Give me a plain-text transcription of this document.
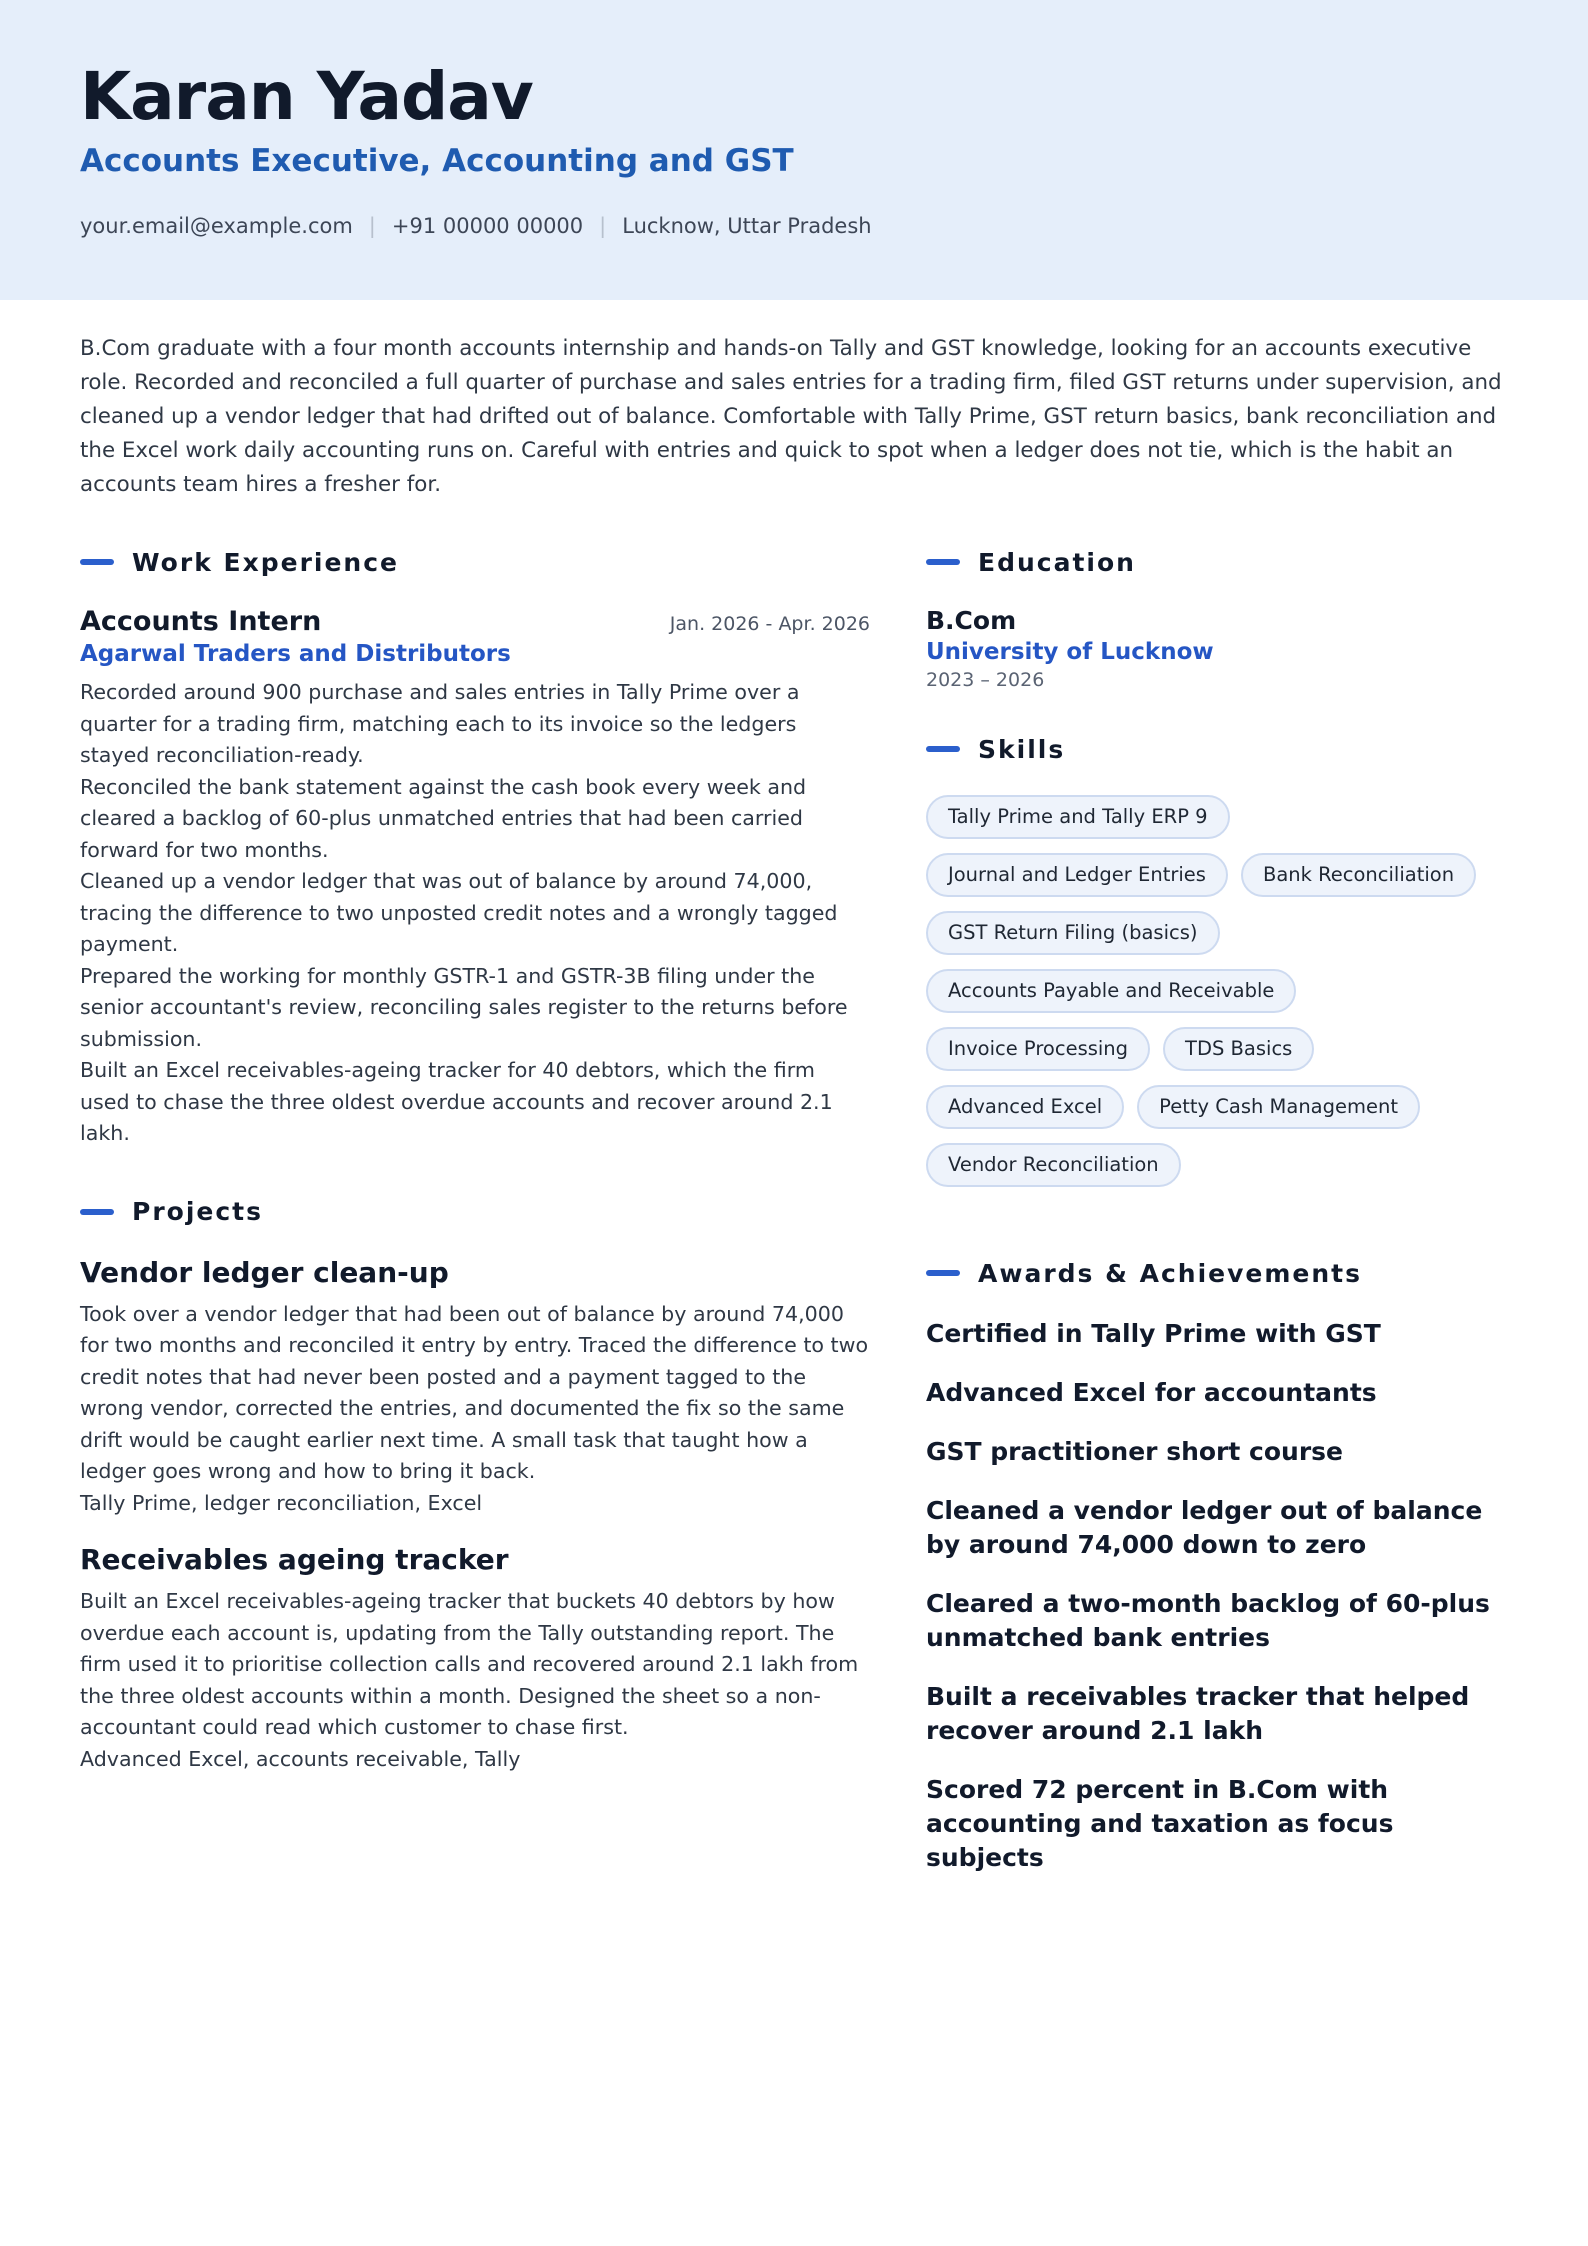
Karan Yadav
Accounts Executive, Accounting and GST
your.email@example.com | +91 00000 00000 | Lucknow, Uttar Pradesh
B.Com graduate with a four month accounts internship and hands-on Tally and GST knowledge, looking for an accounts executive role. Recorded and reconciled a full quarter of purchase and sales entries for a trading firm, filed GST returns under supervision, and cleaned up a vendor ledger that had drifted out of balance. Comfortable with Tally Prime, GST return basics, bank reconciliation and the Excel work daily accounting runs on. Careful with entries and quick to spot when a ledger does not tie, which is the habit an accounts team hires a fresher for.
Work Experience
Accounts Intern	Jan. 2026 - Apr. 2026
Agarwal Traders and Distributors
Recorded around 900 purchase and sales entries in Tally Prime over a quarter for a trading firm, matching each to its invoice so the ledgers stayed reconciliation-ready.
Reconciled the bank statement against the cash book every week and cleared a backlog of 60-plus unmatched entries that had been carried forward for two months.
Cleaned up a vendor ledger that was out of balance by around 74,000, tracing the difference to two unposted credit notes and a wrongly tagged payment.
Prepared the working for monthly GSTR-1 and GSTR-3B filing under the senior accountant's review, reconciling sales register to the returns before submission.
Built an Excel receivables-ageing tracker for 40 debtors, which the firm used to chase the three oldest overdue accounts and recover around 2.1 lakh.
Projects
Vendor ledger clean-up
Took over a vendor ledger that had been out of balance by around 74,000 for two months and reconciled it entry by entry. Traced the difference to two credit notes that had never been posted and a payment tagged to the wrong vendor, corrected the entries, and documented the fix so the same drift would be caught earlier next time. A small task that taught how a ledger goes wrong and how to bring it back.
Tally Prime, ledger reconciliation, Excel
Receivables ageing tracker
Built an Excel receivables-ageing tracker that buckets 40 debtors by how overdue each account is, updating from the Tally outstanding report. The firm used it to prioritise collection calls and recovered around 2.1 lakh from the three oldest accounts within a month. Designed the sheet so a non-accountant could read which customer to chase first.
Advanced Excel, accounts receivable, Tally
Education
B.Com
University of Lucknow
2023 – 2026
Skills
Tally Prime and Tally ERP 9
Journal and Ledger Entries	Bank Reconciliation
GST Return Filing (basics)
Accounts Payable and Receivable
Invoice Processing	TDS Basics
Advanced Excel	Petty Cash Management
Vendor Reconciliation
Awards & Achievements
Certified in Tally Prime with GST
Advanced Excel for accountants
GST practitioner short course
Cleaned a vendor ledger out of balance by around 74,000 down to zero
Cleared a two-month backlog of 60-plus unmatched bank entries
Built a receivables tracker that helped recover around 2.1 lakh
Scored 72 percent in B.Com with accounting and taxation as focus subjects
